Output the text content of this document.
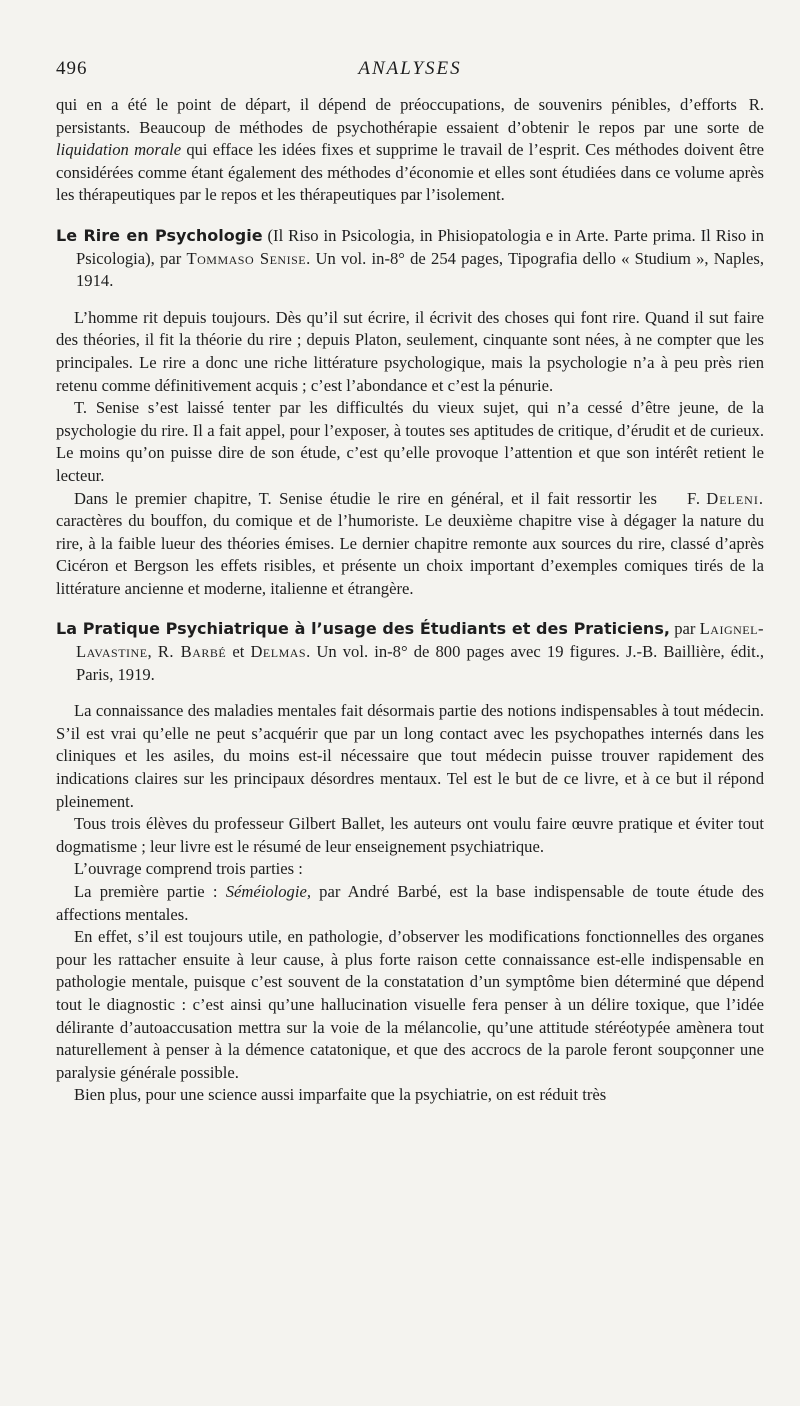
496	ANALYSES

R.
qui en a été le point de départ, il dépend de préoccupations, de souvenirs pénibles, d’efforts persistants. Beaucoup de méthodes de psychothérapie essaient d’obtenir le repos par une sorte de liquidation morale qui efface les idées fixes et supprime le travail de l’esprit. Ces méthodes doivent être considérées comme étant également des méthodes d’économie et elles sont étudiées dans ce volume après les thérapeutiques par le repos et les thérapeutiques par l’isolement.

Le Rire en Psychologie (Il Riso in Psicologia, in Phisiopatologia e in Arte. Parte prima. Il Riso in Psicologia), par Tommaso Senise. Un vol. in-8° de 254 pages, Tipografia dello « Studium », Naples, 1914.

L’homme rit depuis toujours. Dès qu’il sut écrire, il écrivit des choses qui font rire. Quand il sut faire des théories, il fit la théorie du rire ; depuis Platon, seulement, cinquante sont nées, à ne compter que les principales. Le rire a donc une riche littérature psychologique, mais la psychologie n’a à peu près rien retenu comme définitivement acquis ; c’est l’abondance et c’est la pénurie.

T. Senise s’est laissé tenter par les difficultés du vieux sujet, qui n’a cessé d’être jeune, de la psychologie du rire. Il a fait appel, pour l’exposer, à toutes ses aptitudes de critique, d’érudit et de curieux. Le moins qu’on puisse dire de son étude, c’est qu’elle provoque l’attention et que son intérêt retient le lecteur.

F. Deleni.
Dans le premier chapitre, T. Senise étudie le rire en général, et il fait ressortir les caractères du bouffon, du comique et de l’humoriste. Le deuxième chapitre vise à dégager la nature du rire, à la faible lueur des théories émises. Le dernier chapitre remonte aux sources du rire, classé d’après Cicéron et Bergson les effets risibles, et présente un choix important d’exemples comiques tirés de la littérature ancienne et moderne, italienne et étrangère.

La Pratique Psychiatrique à l’usage des Étudiants et des Praticiens, par Laignel-Lavastine, R. Barbé et Delmas. Un vol. in-8° de 800 pages avec 19 figures. J.-B. Baillière, édit., Paris, 1919.

La connaissance des maladies mentales fait désormais partie des notions indispensables à tout médecin. S’il est vrai qu’elle ne peut s’acquérir que par un long contact avec les psychopathes internés dans les cliniques et les asiles, du moins est-il nécessaire que tout médecin puisse trouver rapidement des indications claires sur les principaux désordres mentaux. Tel est le but de ce livre, et à ce but il répond pleinement.

Tous trois élèves du professeur Gilbert Ballet, les auteurs ont voulu faire œuvre pratique et éviter tout dogmatisme ; leur livre est le résumé de leur enseignement psychiatrique.

L’ouvrage comprend trois parties :

La première partie : Séméiologie, par André Barbé, est la base indispensable de toute étude des affections mentales.

En effet, s’il est toujours utile, en pathologie, d’observer les modifications fonctionnelles des organes pour les rattacher ensuite à leur cause, à plus forte raison cette connaissance est-elle indispensable en pathologie mentale, puisque c’est souvent de la constatation d’un symptôme bien déterminé que dépend tout le diagnostic : c’est ainsi qu’une hallucination visuelle fera penser à un délire toxique, que l’idée délirante d’autoaccusation mettra sur la voie de la mélancolie, qu’une attitude stéréotypée amènera tout naturellement à penser à la démence catatonique, et que des accrocs de la parole feront soupçonner une paralysie générale possible.

Bien plus, pour une science aussi imparfaite que la psychiatrie, on est réduit très
